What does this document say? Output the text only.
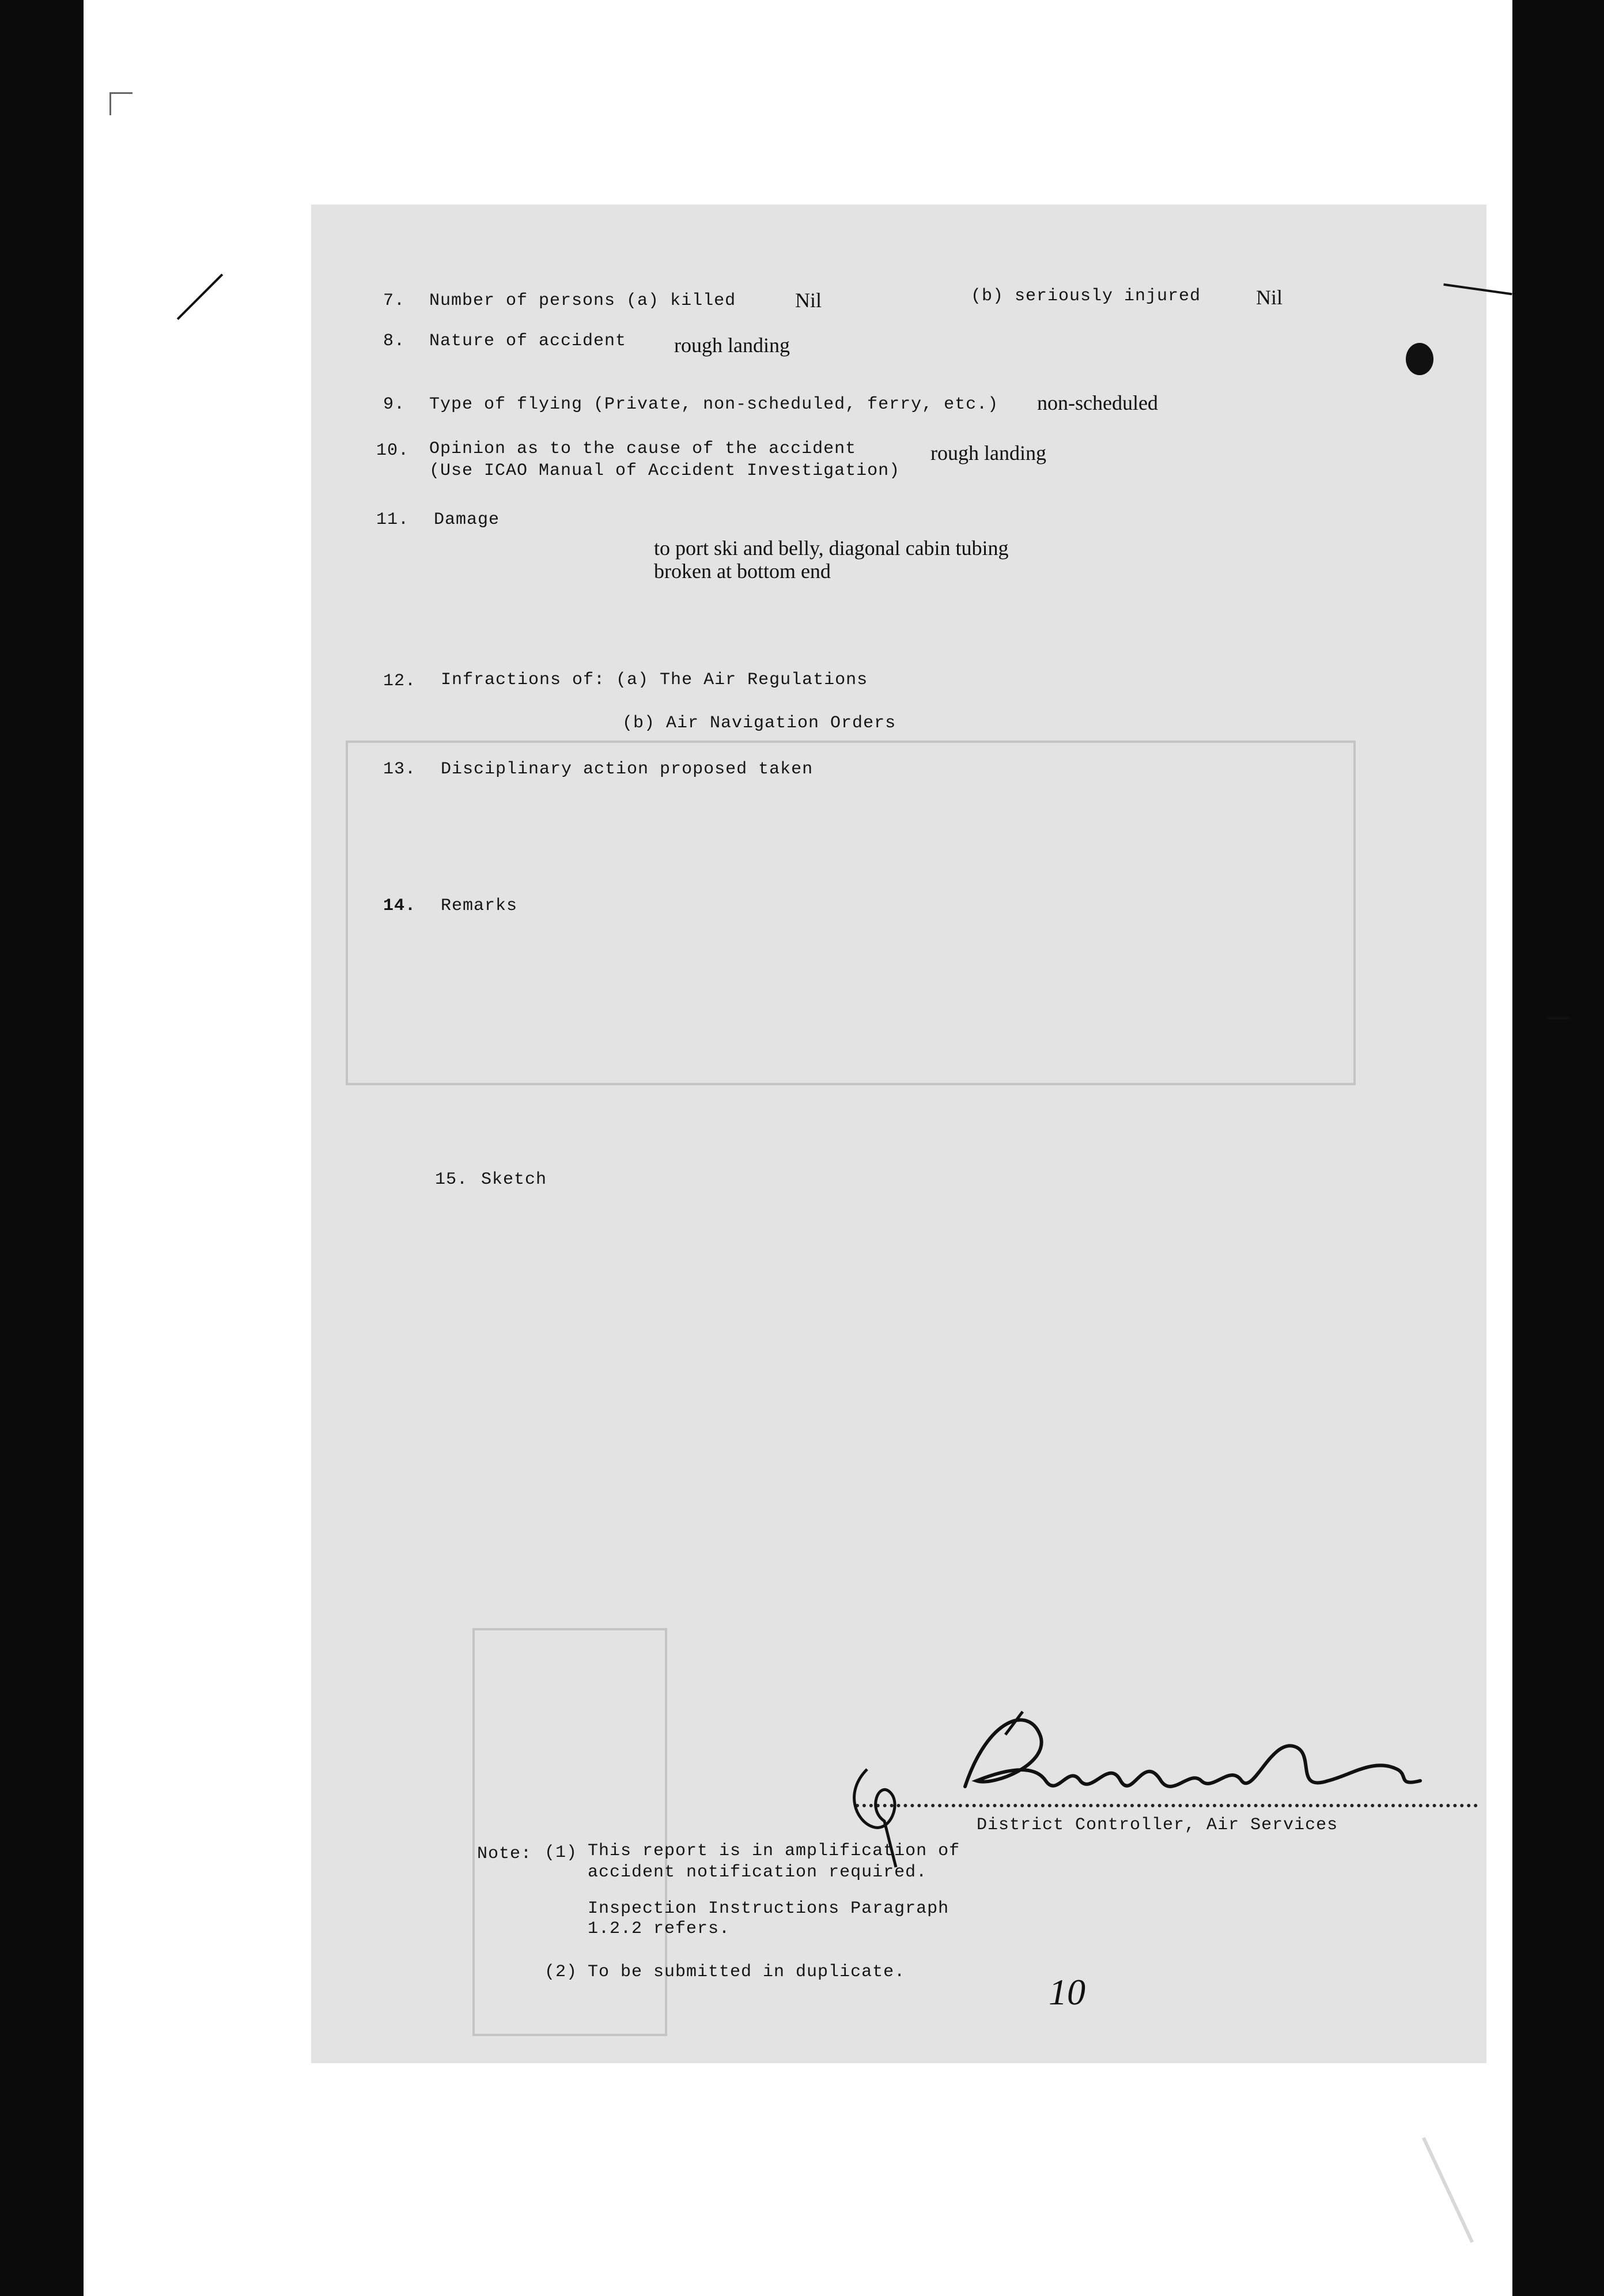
7. Number of persons (a) killed	Nil	(b) seriously injured	Nil
8. Nature of accident rough landing
9. Type of flying (Private, non-scheduled, ferry, etc.) non-scheduled
10. Opinion as to the cause of the accident
(Use ICAO Manual of Accident Investigation)
rough landing
11. Damage
to port ski and belly, diagonal cabin tubing
broken at bottom end
12. Infractions of: (a) The Air Regulations
(b) Air Navigation Orders
13. Disciplinary action proposed taken
14. Remarks
15. Sketch
District Controller, Air Services
Note: (1) This report is in amplification of
accident notification required.
Inspection Instructions Paragraph
1.2.2 refers.
(2) To be submitted in duplicate.	10
